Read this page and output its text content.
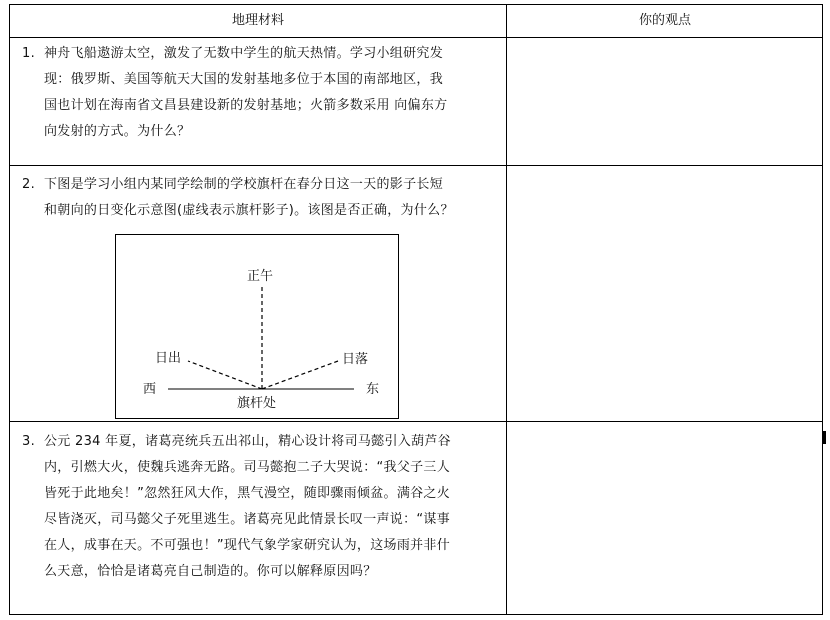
地理材料	你的观点
1. 神舟飞船遨游太空，激发了无数中学生的航天热情。学习小组研究发
现：俄罗斯、美国等航天大国的发射基地多位于本国的南部地区，我
国也计划在海南省文昌县建设新的发射基地；火箭多数采用 向偏东方
向发射的方式。为什么？
2. 下图是学习小组内某同学绘制的学校旗杆在春分日这一天的影子长短
和朝向的日变化示意图(虚线表示旗杆影子)。该图是否正确，为什么？
正午
日出	日落
西	东
旗杆处
3. 公元 234 年夏，诸葛亮统兵五出祁山，精心设计将司马懿引入葫芦谷
内，引燃大火，使魏兵逃奔无路。司马懿抱二子大哭说：“我父子三人
皆死于此地矣！”忽然狂风大作，黑气漫空，随即骤雨倾盆。满谷之火
尽皆浇灭，司马懿父子死里逃生。诸葛亮见此情景长叹一声说：“谋事
在人，成事在天。不可强也！”现代气象学家研究认为，这场雨并非什
么天意，恰恰是诸葛亮自己制造的。你可以解释原因吗？
